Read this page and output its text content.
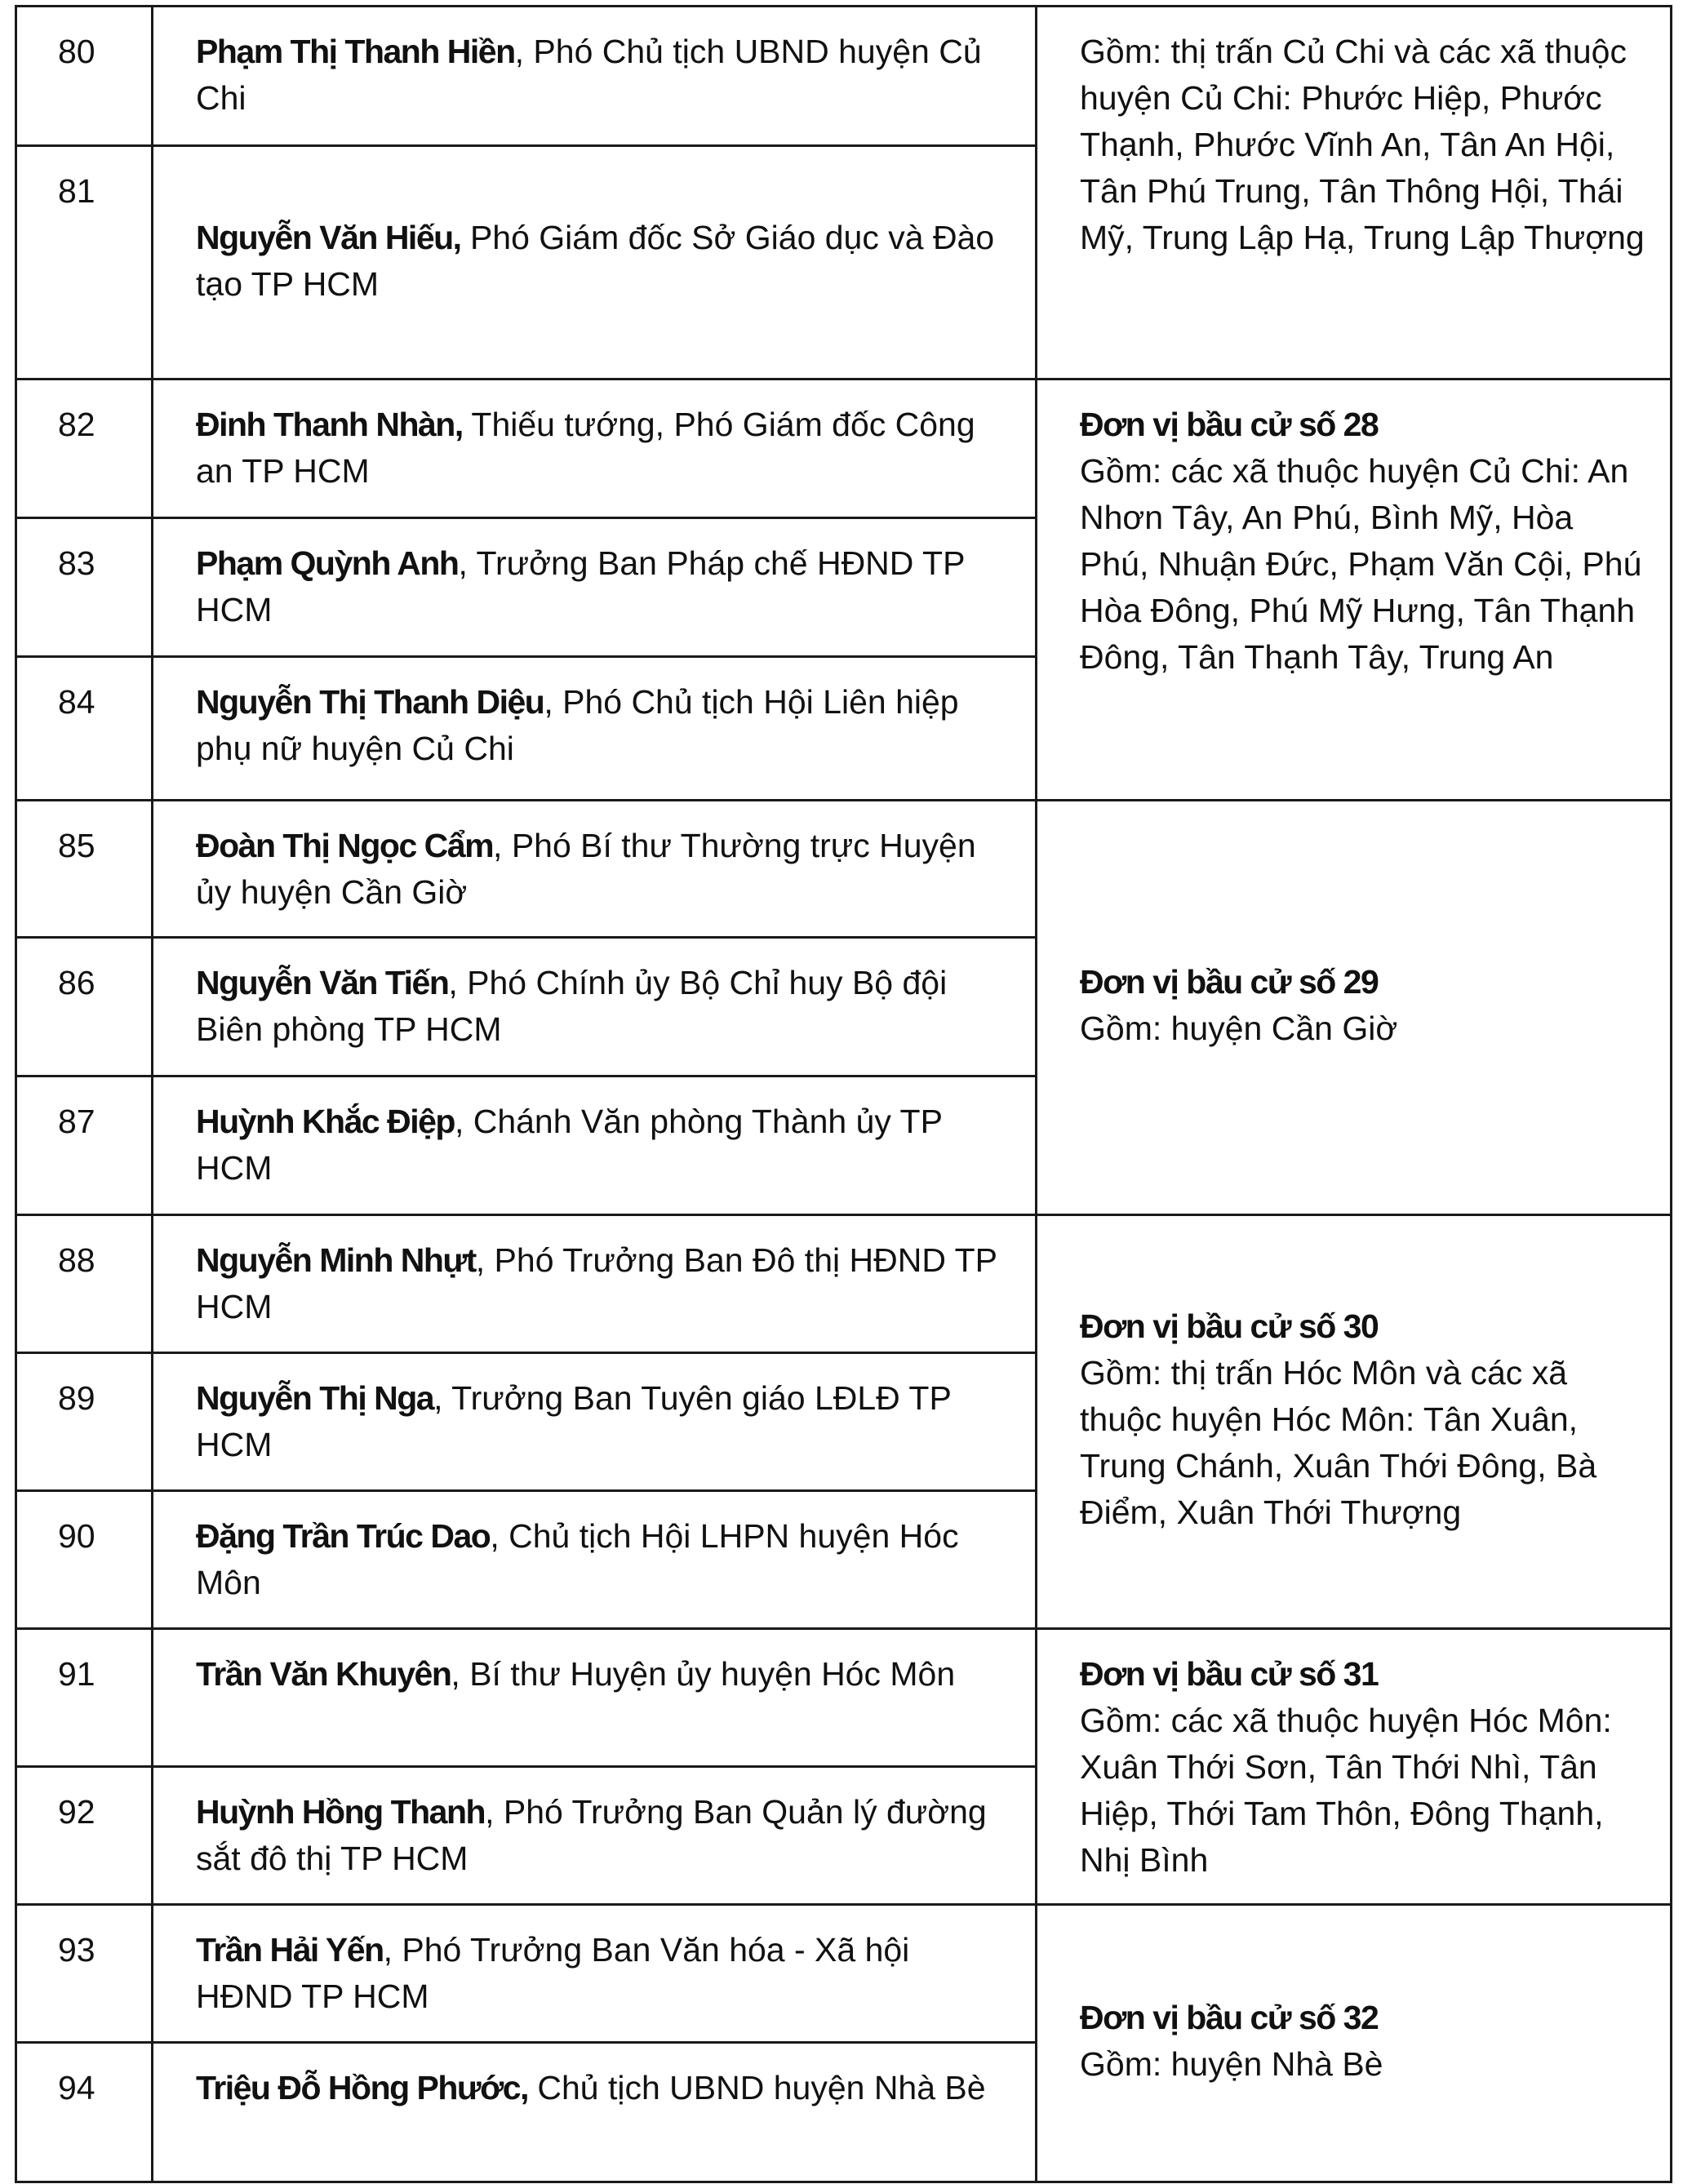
80	Phạm Thị Thanh Hiền, Phó Chủ tịch UBND huyện Củ Chi	Gồm: thị trấn Củ Chi và các xã thuộc huyện Củ Chi: Phước Hiệp, Phước Thạnh, Phước Vĩnh An, Tân An Hội, Tân Phú Trung, Tân Thông Hội, Thái Mỹ, Trung Lập Hạ, Trung Lập Thượng

81	Nguyễn Văn Hiếu, Phó Giám đốc Sở Giáo dục và Đào tạo TP HCM	
82	Đinh Thanh Nhàn, Thiếu tướng, Phó Giám đốc Công an TP HCM	Đơn vị bầu cử số 28

Gồm: các xã thuộc huyện Củ Chi: An Nhơn Tây, An Phú, Bình Mỹ, Hòa Phú, Nhuận Đức, Phạm Văn Cội, Phú Hòa Đông, Phú Mỹ Hưng, Tân Thạnh Đông, Tân Thạnh Tây, Trung An

83	Phạm Quỳnh Anh, Trưởng Ban Pháp chế HĐND TP HCM	
84	Nguyễn Thị Thanh Diệu, Phó Chủ tịch Hội Liên hiệp phụ nữ huyện Củ Chi	
85	Đoàn Thị Ngọc Cẩm, Phó Bí thư Thường trực Huyện ủy huyện Cần Giờ	Đơn vị bầu cử số 29

Gồm: huyện Cần Giờ

86	Nguyễn Văn Tiến, Phó Chính ủy Bộ Chỉ huy Bộ đội Biên phòng TP HCM	
87	Huỳnh Khắc Điệp, Chánh Văn phòng Thành ủy TP HCM	
88	Nguyễn Minh Nhựt, Phó Trưởng Ban Đô thị HĐND TP HCM	Đơn vị bầu cử số 30

Gồm: thị trấn Hóc Môn và các xã thuộc huyện Hóc Môn: Tân Xuân, Trung Chánh, Xuân Thới Đông, Bà Điểm, Xuân Thới Thượng

89	Nguyễn Thị Nga, Trưởng Ban Tuyên giáo LĐLĐ TP HCM	
90	Đặng Trần Trúc Dao, Chủ tịch Hội LHPN huyện Hóc Môn	
91	Trần Văn Khuyên, Bí thư Huyện ủy huyện Hóc Môn	Đơn vị bầu cử số 31

Gồm: các xã thuộc huyện Hóc Môn: Xuân Thới Sơn, Tân Thới Nhì, Tân Hiệp, Thới Tam Thôn, Đông Thạnh, Nhị Bình

92	Huỳnh Hồng Thanh, Phó Trưởng Ban Quản lý đường sắt đô thị TP HCM	
93	Trần Hải Yến, Phó Trưởng Ban Văn hóa - Xã hội HĐND TP HCM	Đơn vị bầu cử số 32

Gồm: huyện Nhà Bè

94	Triệu Đỗ Hồng Phước, Chủ tịch UBND huyện Nhà Bè	
